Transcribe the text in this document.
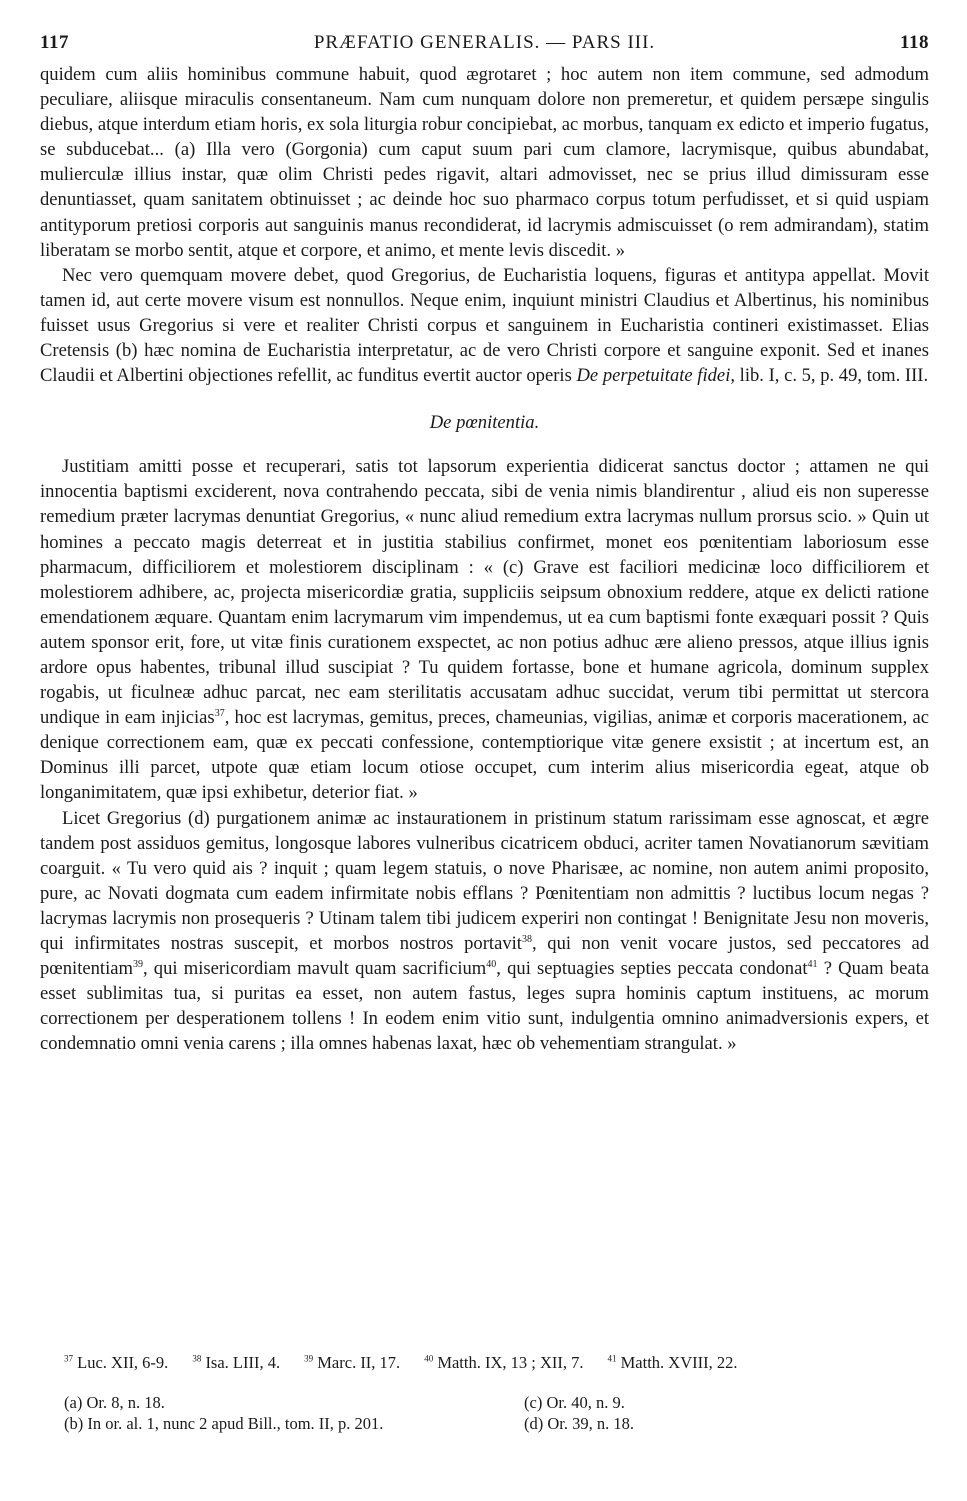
117	PRÆFATIO GENERALIS. — PARS III.	118

quidem cum aliis hominibus commune habuit, quod ægrotaret ; hoc autem non item commune, sed admodum peculiare, aliisque miraculis consentaneum. Nam cum nunquam dolore non premeretur, et quidem persæpe singulis diebus, atque interdum etiam horis, ex sola liturgia robur concipiebat, ac morbus, tanquam ex edicto et imperio fugatus, se subducebat... (a) Illa vero (Gorgonia) cum caput suum pari cum clamore, lacrymisque, quibus abundabat, mulierculæ illius instar, quæ olim Christi pedes rigavit, altari admovisset, nec se prius illud dimissuram esse denuntiasset, quam sanitatem obtinuisset ; ac deinde hoc suo pharmaco corpus totum perfudisset, et si quid uspiam antityporum pretiosi corporis aut sanguinis manus recondiderat, id lacrymis admiscuisset (o rem admirandam), statim liberatam se morbo sentit, atque et corpore, et animo, et mente levis discedit. »

Nec vero quemquam movere debet, quod Gregorius, de Eucharistia loquens, figuras et antitypa appellat. Movit tamen id, aut certe movere visum est nonnullos. Neque enim, inquiunt ministri Claudius et Albertinus, his nominibus fuisset usus Gregorius si vere et realiter Christi corpus et sanguinem in Eucharistia contineri existimasset. Elias Cretensis (b) hæc nomina de Eucharistia interpretatur, ac de vero Christi corpore et sanguine exponit. Sed et inanes Claudii et Albertini objectiones refellit, ac funditus evertit auctor operis De perpetuitate fidei, lib. I, c. 5, p. 49, tom. III.

De pœnitentia.

Justitiam amitti posse et recuperari, satis tot lapsorum experientia didicerat sanctus doctor ; attamen ne qui innocentia baptismi exciderent, nova contrahendo peccata, sibi de venia nimis blandirentur , aliud eis non superesse remedium præter lacrymas denuntiat Gregorius, « nunc aliud remedium extra lacrymas nullum prorsus scio. » Quin ut homines a peccato magis deterreat et in justitia stabilius confirmet, monet eos pœnitentiam laboriosum esse pharmacum, difficiliorem et molestiorem disciplinam : « (c) Grave est faciliori medicinæ loco difficiliorem et molestiorem adhibere, ac, projecta misericordiæ gratia, suppliciis seipsum obnoxium reddere, atque ex delicti ratione emendationem æquare. Quantam enim lacrymarum vim impendemus, ut ea cum baptismi fonte exæquari possit ? Quis autem sponsor erit, fore, ut vitæ finis curationem exspectet, ac non potius adhuc ære alieno pressos, atque illius ignis ardore opus habentes, tribunal illud suscipiat ? Tu quidem fortasse, bone et humane agricola, dominum supplex rogabis, ut ficulneæ adhuc parcat, nec eam sterilitatis accusatam adhuc succidat, verum tibi permittat ut stercora undique in eam injicias$^{37}$, hoc est lacrymas, gemitus, preces, chameunias, vigilias, animæ et corporis macerationem, ac denique correctionem eam, quæ ex peccati confessione, contemptiorique vitæ genere exsistit ; at incertum est, an Dominus illi parcet, utpote quæ etiam locum otiose occupet, cum interim alius misericordia egeat, atque ob longanimitatem, quæ ipsi exhibetur, deterior fiat. »

Licet Gregorius (d) purgationem animæ ac instaurationem in pristinum statum rarissimam esse agnoscat, et ægre tandem post assiduos gemitus, longosque labores vulneribus cicatricem obduci, acriter tamen Novatianorum sævitiam coarguit. « Tu vero quid ais ? inquit ; quam legem statuis, o nove Pharisæe, ac nomine, non autem animi proposito, pure, ac Novati dogmata cum eadem infirmitate nobis efflans ? Pœnitentiam non admittis ? luctibus locum negas ? lacrymas lacrymis non prosequeris ? Utinam talem tibi judicem experiri non contingat ! Benignitate Jesu non moveris, qui infirmitates nostras suscepit, et morbos nostros portavit$^{38}$, qui non venit vocare justos, sed peccatores ad pœnitentiam$^{39}$, qui misericordiam mavult quam sacrificium$^{40}$, qui septuagies septies peccata condonat$^{41}$ ? Quam beata esset sublimitas tua, si puritas ea esset, non autem fastus, leges supra hominis captum instituens, ac morum correctionem per desperationem tollens ! In eodem enim vitio sunt, indulgentia omnino animadversionis expers, et condemnatio omni venia carens ; illa omnes habenas laxat, hæc ob vehementiam strangulat. »

$^{37}$ Luc. XII, 6-9.	$^{38}$ Isa. LIII, 4.	$^{39}$ Marc. II, 17.	$^{40}$ Matth. IX, 13 ; XII, 7.	$^{41}$ Matth. XVIII, 22.
(a) Or. 8, n. 18.	(c) Or. 40, n. 9.
(b) In or. al. 1, nunc 2 apud Bill., tom. II, p. 201.	(d) Or. 39, n. 18.
